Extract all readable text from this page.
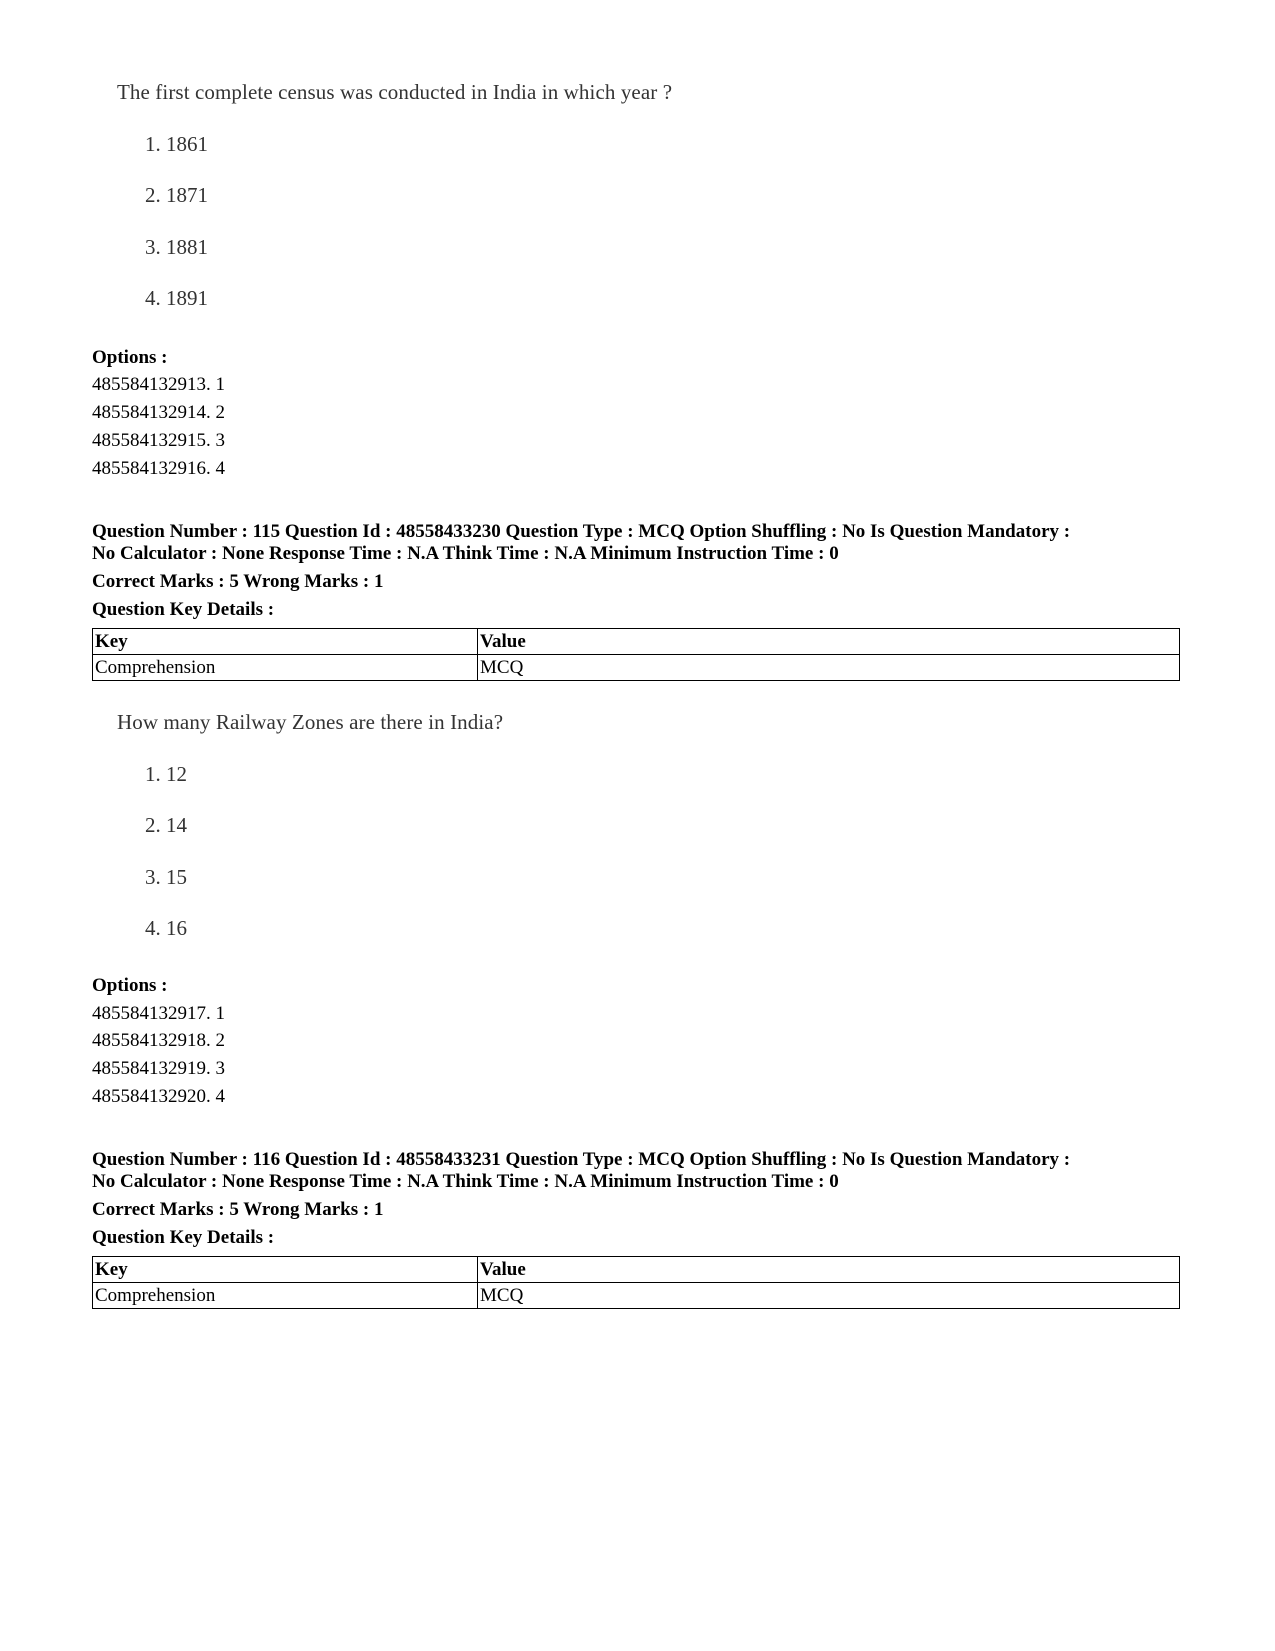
The first complete census was conducted in India in which year ?
1. 1861
2. 1871
3. 1881
4. 1891
Options :
485584132913. 1
485584132914. 2
485584132915. 3
485584132916. 4
Question Number : 115 Question Id : 48558433230 Question Type : MCQ Option Shuffling : No Is Question Mandatory :
No Calculator : None Response Time : N.A Think Time : N.A Minimum Instruction Time : 0
Correct Marks : 5 Wrong Marks : 1
Question Key Details :
Key	Value
Comprehension	MCQ
How many Railway Zones are there in India?
1. 12
2. 14
3. 15
4. 16
Options :
485584132917. 1
485584132918. 2
485584132919. 3
485584132920. 4
Question Number : 116 Question Id : 48558433231 Question Type : MCQ Option Shuffling : No Is Question Mandatory :
No Calculator : None Response Time : N.A Think Time : N.A Minimum Instruction Time : 0
Correct Marks : 5 Wrong Marks : 1
Question Key Details :
Key	Value
Comprehension	MCQ
